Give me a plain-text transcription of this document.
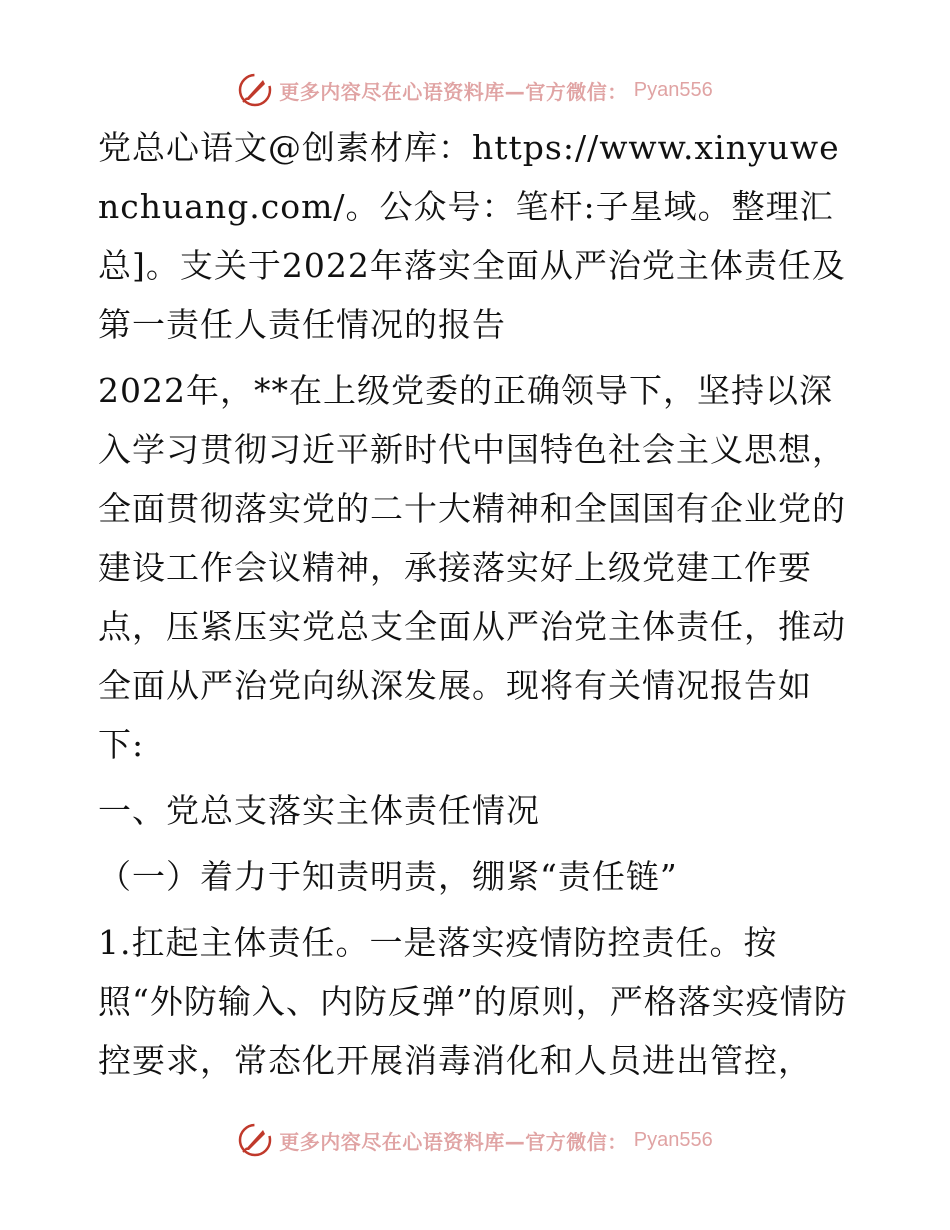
更多内容尽在心语资料库—官方微信： Pyan556

党总心语文@创素材库：https://www.xinyuwenchuang.com/。公众号：笔杆:子星域。整理汇总]。支关于2022年落实全面从严治党主体责任及第一责任人责任情况的报告

2022年，**在上级党委的正确领导下，坚持以深入学习贯彻习近平新时代中国特色社会主义思想，全面贯彻落实党的二十大精神和全国国有企业党的建设工作会议精神，承接落实好上级党建工作要点，压紧压实党总支全面从严治党主体责任，推动全面从严治党向纵深发展。现将有关情况报告如下:

一、党总支落实主体责任情况

（一）着力于知责明责，绷紧“责任链”

1.扛起主体责任。一是落实疫情防控责任。按照“外防输入、内防反弹”的原则，严格落实疫情防控要求，常态化开展消毒消化和人员进出管控，

更多内容尽在心语资料库—官方微信： Pyan556
